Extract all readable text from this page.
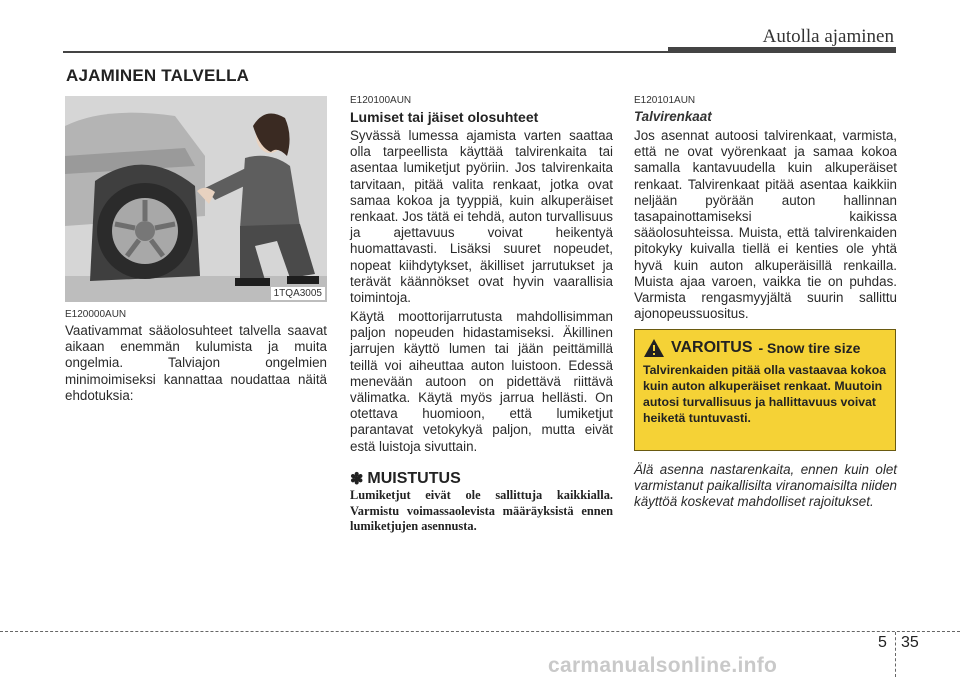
Autolla ajaminen
AJAMINEN TALVELLA
1TQA3005
E120000AUN
Vaativammat sääolosuhteet talvella saavat aikaan enemmän kulumista ja muita ongelmia. Talviajon ongelmien minimoimiseksi kannattaa noudattaa näitä ehdotuksia:
E120100AUN
Lumiset tai jäiset olosuhteet
Syvässä lumessa ajamista varten saattaa olla tarpeellista käyttää talvirenkaita tai asentaa lumiketjut pyöriin. Jos talvirenkaita tarvitaan, pitää valita renkaat, jotka ovat samaa kokoa ja tyyppiä, kuin alkuperäiset renkaat. Jos tätä ei tehdä, auton turvallisuus ja ajettavuus voivat heikentyä huomattavasti. Lisäksi suuret nopeudet, nopeat kiihdytykset, äkilliset jarrutukset ja terävät käännökset ovat hyvin vaarallisia toimintoja.
Käytä moottorijarrutusta mahdollisimman paljon nopeuden hidastamiseksi. Äkillinen jarrujen käyttö lumen tai jään peittämillä teillä voi aiheuttaa auton luistoon. Edessä menevään autoon on pidettävä riittävä välimatka. Käytä myös jarrua hellästi. On otettava huomioon, että lumiketjut parantavat vetokykyä paljon, mutta eivät estä luistoja sivuttain.
✽ MUISTUTUS
Lumiketjut eivät ole sallittuja kaikkialla. Varmistu voimassaolevista määräyksistä ennen lumiketjujen asennusta.
E120101AUN
Talvirenkaat
Jos asennat autoosi talvirenkaat, varmista, että ne ovat vyörenkaat ja samaa kokoa samalla kantavuudella kuin alkuperäiset renkaat. Talvirenkaat pitää asentaa kaikkiin neljään pyörään auton hallinnan tasapainottamiseksi kaikissa sääolosuhteissa. Muista, että talvirenkaiden pitokyky kuivalla tiellä ei kenties ole yhtä hyvä kuin auton alkuperäisillä renkailla. Muista ajaa varoen, vaikka tie on puhdas. Varmista rengasmyyjältä suurin sallittu ajonopeussuositus.
VAROITUS - Snow tire size
Talvirenkaiden pitää olla vastaavaa kokoa kuin auton alkuperäiset renkaat. Muutoin autosi turvallisuus ja hallittavuus voivat heiketä tuntuvasti.
Älä asenna nastarenkaita, ennen kuin olet varmistanut paikallisilta viranomaisilta niiden käyttöä koskevat mahdolliset rajoitukset.
5 35
carmanualsonline.info
